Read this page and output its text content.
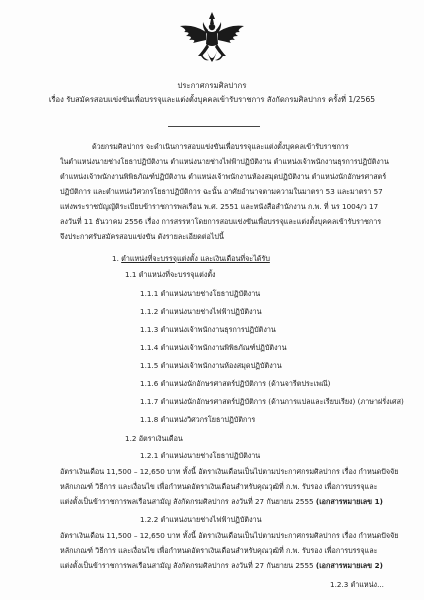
ประกาศกรมศิลปากร
เรื่อง รับสมัครสอบแข่งขันเพื่อบรรจุและแต่งตั้งบุคคลเข้ารับราชการ สังกัดกรมศิลปากร ครั้งที่ 1/2565
ด้วยกรมศิลปากร จะดำเนินการสอบแข่งขันเพื่อบรรจุและแต่งตั้งบุคคลเข้ารับราชการ
ในตำแหน่งนายช่างโยธาปฏิบัติงาน ตำแหน่งนายช่างไฟฟ้าปฏิบัติงาน ตำแหน่งเจ้าพนักงานธุรการปฏิบัติงาน
ตำแหน่งเจ้าพนักงานพิพิธภัณฑ์ปฏิบัติงาน ตำแหน่งเจ้าพนักงานห้องสมุดปฏิบัติงาน ตำแหน่งนักอักษรศาสตร์
ปฏิบัติการ และตำแหน่งวิศวกรโยธาปฏิบัติการ ฉะนั้น อาศัยอำนาจตามความในมาตรา 53 และมาตรา 57
แห่งพระราชบัญญัติระเบียบข้าราชการพลเรือน พ.ศ. 2551 และหนังสือสำนักงาน ก.พ. ที่ นร 1004/ว 17
ลงวันที่ 11 ธันวาคม 2556 เรื่อง การสรรหาโดยการสอบแข่งขันเพื่อบรรจุและแต่งตั้งบุคคลเข้ารับราชการ
จึงประกาศรับสมัครสอบแข่งขัน ดังรายละเอียดต่อไปนี้
1. ตำแหน่งที่จะบรรจุแต่งตั้ง และเงินเดือนที่จะได้รับ
1.1 ตำแหน่งที่จะบรรจุแต่งตั้ง
1.1.1 ตำแหน่งนายช่างโยธาปฏิบัติงาน
1.1.2 ตำแหน่งนายช่างไฟฟ้าปฏิบัติงาน
1.1.3 ตำแหน่งเจ้าพนักงานธุรการปฏิบัติงาน
1.1.4 ตำแหน่งเจ้าพนักงานพิพิธภัณฑ์ปฏิบัติงาน
1.1.5 ตำแหน่งเจ้าพนักงานห้องสมุดปฏิบัติงาน
1.1.6 ตำแหน่งนักอักษรศาสตร์ปฏิบัติการ (ด้านจารีตประเพณี)
1.1.7 ตำแหน่งนักอักษรศาสตร์ปฏิบัติการ (ด้านการแปลและเรียบเรียง) (ภาษาฝรั่งเศส)
1.1.8 ตำแหน่งวิศวกรโยธาปฏิบัติการ
1.2 อัตราเงินเดือน
1.2.1 ตำแหน่งนายช่างโยธาปฏิบัติงาน
อัตราเงินเดือน 11,500 – 12,650 บาท ทั้งนี้ อัตราเงินเดือนเป็นไปตามประกาศกรมศิลปากร เรื่อง กำหนดปัจจัย
หลักเกณฑ์ วิธีการ และเงื่อนไข เพื่อกำหนดอัตราเงินเดือนสำหรับคุณวุฒิที่ ก.พ. รับรอง เพื่อการบรรจุและ
แต่งตั้งเป็นข้าราชการพลเรือนสามัญ สังกัดกรมศิลปากร ลงวันที่ 27 กันยายน 2555 (เอกสารหมายเลข 1)
1.2.2 ตำแหน่งนายช่างไฟฟ้าปฏิบัติงาน
อัตราเงินเดือน 11,500 – 12,650 บาท ทั้งนี้ อัตราเงินเดือนเป็นไปตามประกาศกรมศิลปากร เรื่อง กำหนดปัจจัย
หลักเกณฑ์ วิธีการ และเงื่อนไข เพื่อกำหนดอัตราเงินเดือนสำหรับคุณวุฒิที่ ก.พ. รับรอง เพื่อการบรรจุและ
แต่งตั้งเป็นข้าราชการพลเรือนสามัญ สังกัดกรมศิลปากร ลงวันที่ 27 กันยายน 2555 (เอกสารหมายเลข 2)
1.2.3 ตำแหน่ง...
